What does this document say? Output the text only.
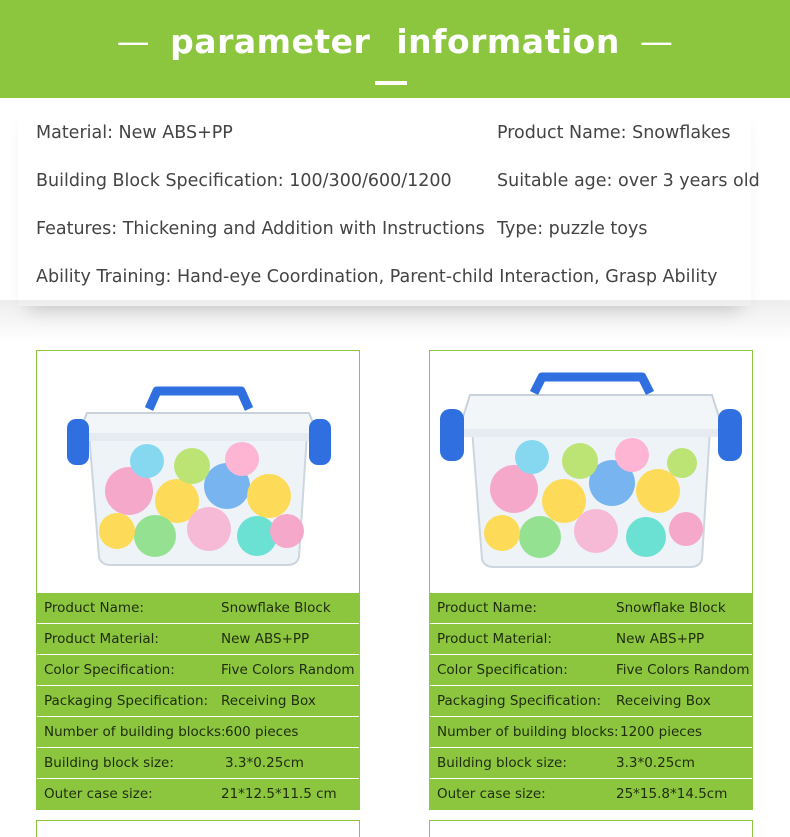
— parameter information —
Material: New ABS+PP	Product Name: Snowflakes
Building Block Specification: 100/300/600/1200	Suitable age: over 3 years old
Features: Thickening and Addition with Instructions Type: puzzle toys
Ability Training: Hand-eye Coordination, Parent-child Interaction, Grasp Ability
Product Name:	Snowflake Block
Product Material:	New ABS+PP
Color Specification:	Five Colors Random
Packaging Specification: Receiving Box
Number of building blocks: 600 pieces
Building block size:	3.3*0.25cm
Outer case size:	21*12.5*11.5 cm
Product Name:	Snowflake Block
Product Material:	New ABS+PP
Color Specification:	Five Colors Random
Packaging Specification: Receiving Box
Number of building blocks: 1200 pieces
Building block size:	3.3*0.25cm
Outer case size:	25*15.8*14.5cm
